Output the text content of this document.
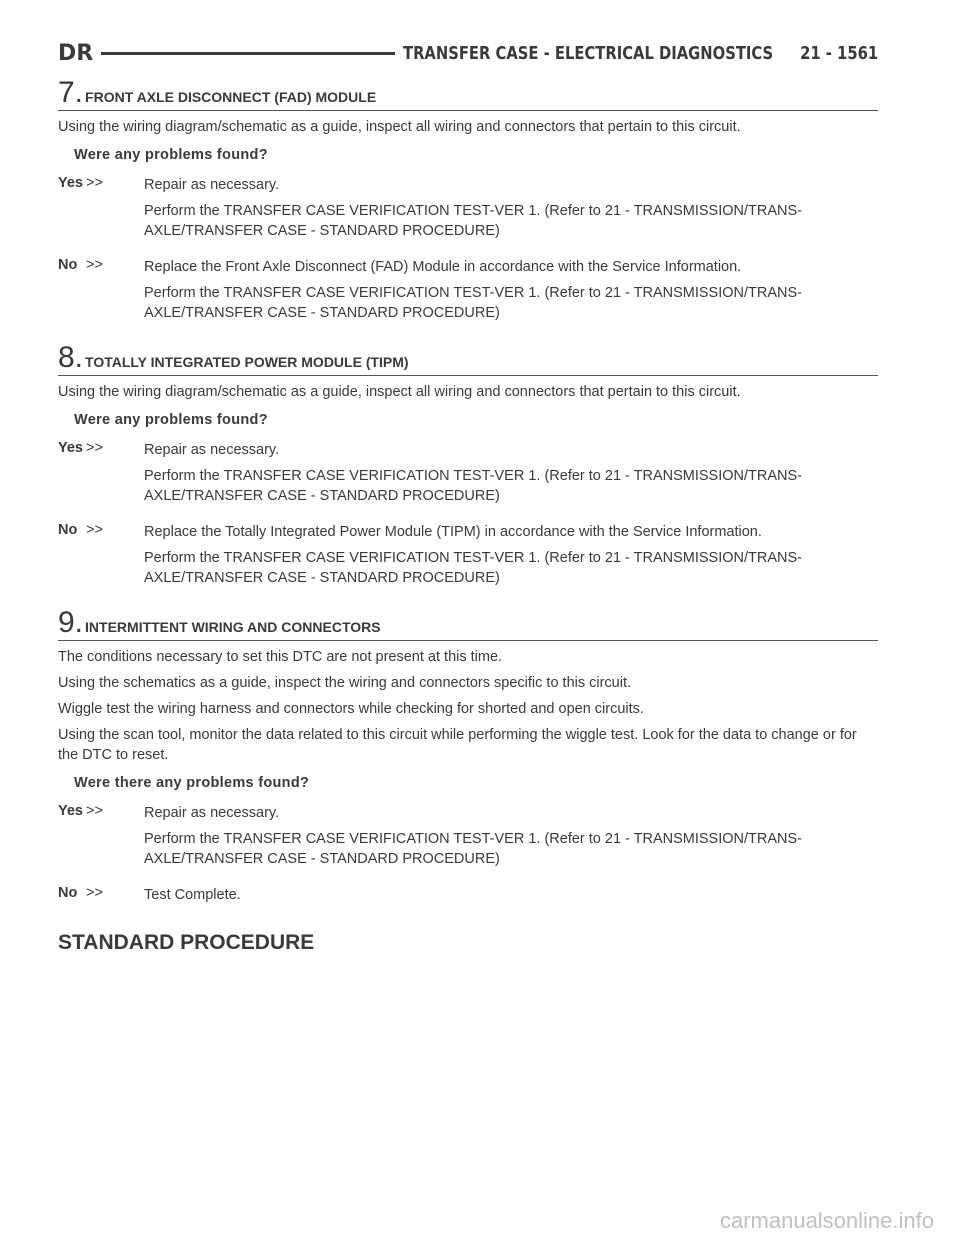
DR	TRANSFER CASE - ELECTRICAL DIAGNOSTICS 21 - 1561
7. FRONT AXLE DISCONNECT (FAD) MODULE

Using the wiring diagram/schematic as a guide, inspect all wiring and connectors that pertain to this circuit.

Were any problems found?

Yes >>	Repair as necessary.

Perform the TRANSFER CASE VERIFICATION TEST-VER 1. (Refer to 21 - TRANSMISSION/TRANS-AXLE/TRANSFER CASE - STANDARD PROCEDURE)

No >>	Replace the Front Axle Disconnect (FAD) Module in accordance with the Service Information.

Perform the TRANSFER CASE VERIFICATION TEST-VER 1. (Refer to 21 - TRANSMISSION/TRANS-AXLE/TRANSFER CASE - STANDARD PROCEDURE)

8. TOTALLY INTEGRATED POWER MODULE (TIPM)

Using the wiring diagram/schematic as a guide, inspect all wiring and connectors that pertain to this circuit.

Were any problems found?

Yes >>	Repair as necessary.

Perform the TRANSFER CASE VERIFICATION TEST-VER 1. (Refer to 21 - TRANSMISSION/TRANS-AXLE/TRANSFER CASE - STANDARD PROCEDURE)

No >>	Replace the Totally Integrated Power Module (TIPM) in accordance with the Service Information.

Perform the TRANSFER CASE VERIFICATION TEST-VER 1. (Refer to 21 - TRANSMISSION/TRANS-AXLE/TRANSFER CASE - STANDARD PROCEDURE)

9. INTERMITTENT WIRING AND CONNECTORS

The conditions necessary to set this DTC are not present at this time.

Using the schematics as a guide, inspect the wiring and connectors specific to this circuit.

Wiggle test the wiring harness and connectors while checking for shorted and open circuits.

Using the scan tool, monitor the data related to this circuit while performing the wiggle test. Look for the data to change or for the DTC to reset.

Were there any problems found?

Yes >>	Repair as necessary.

Perform the TRANSFER CASE VERIFICATION TEST-VER 1. (Refer to 21 - TRANSMISSION/TRANS-AXLE/TRANSFER CASE - STANDARD PROCEDURE)

No >>	Test Complete.

STANDARD PROCEDURE
carmanualsonline.info
